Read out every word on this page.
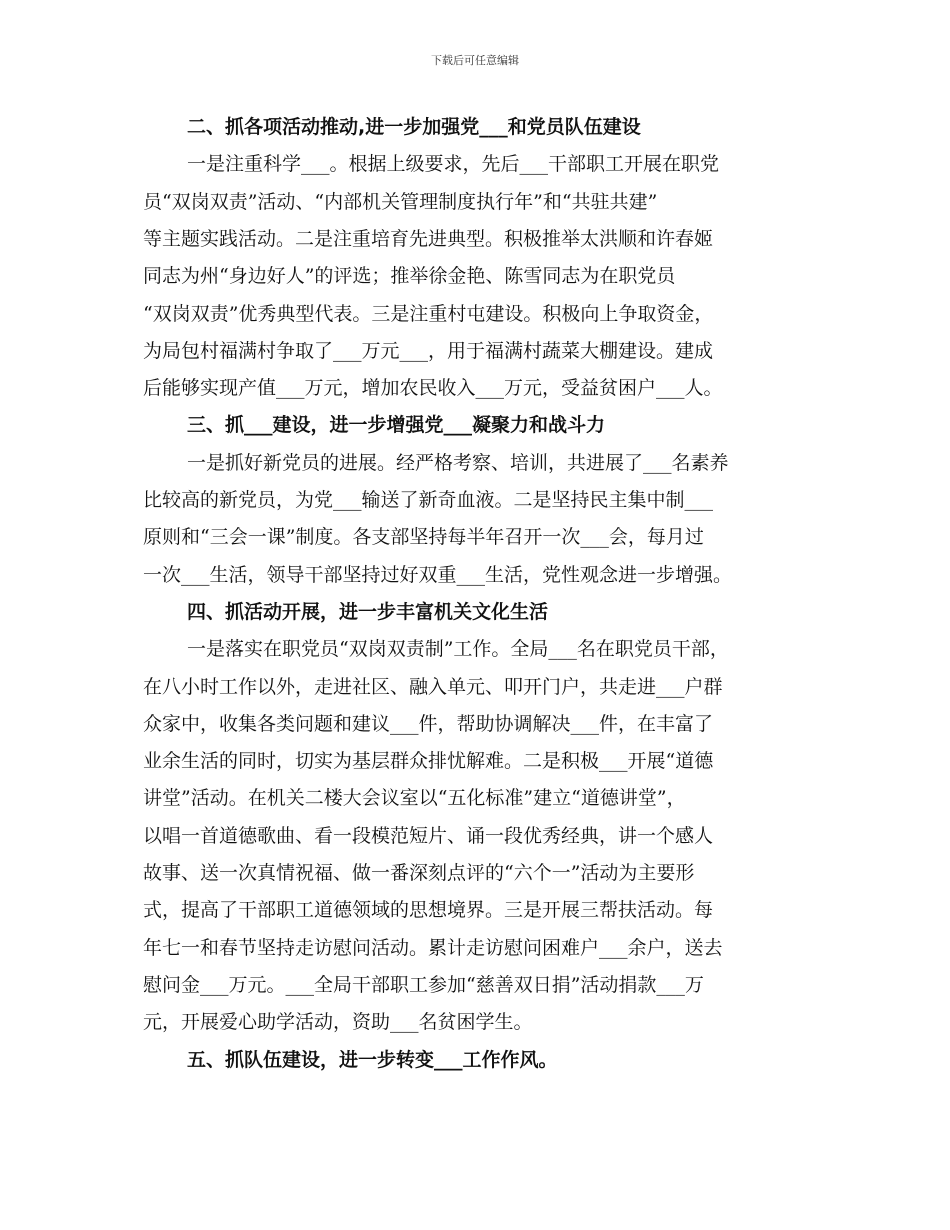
下载后可任意编辑
二、抓各项活动推动,进一步加强党___和党员队伍建设
一是注重科学___。根据上级要求，先后___干部职工开展在职党
员“双岗双责”活动、“内部机关管理制度执行年”和“共驻共建”
等主题实践活动。二是注重培育先进典型。积极推举太洪顺和许春姬
同志为州“身边好人”的评选；推举徐金艳、陈雪同志为在职党员
“双岗双责”优秀典型代表。三是注重村屯建设。积极向上争取资金，
为局包村福满村争取了___万元___，用于福满村蔬菜大棚建设。建成
后能够实现产值___万元，增加农民收入___万元，受益贫困户___人。
三、抓___建设，进一步增强党___凝聚力和战斗力
一是抓好新党员的进展。经严格考察、培训，共进展了___名素养
比较高的新党员，为党___输送了新奇血液。二是坚持民主集中制___
原则和“三会一课”制度。各支部坚持每半年召开一次___会，每月过
一次___生活，领导干部坚持过好双重___生活，党性观念进一步增强。
四、抓活动开展，进一步丰富机关文化生活
一是落实在职党员“双岗双责制”工作。全局___名在职党员干部，
在八小时工作以外，走进社区、融入单元、叩开门户，共走进___户群
众家中，收集各类问题和建议___件，帮助协调解决___件，在丰富了
业余生活的同时，切实为基层群众排忧解难。二是积极___开展“道德
讲堂”活动。在机关二楼大会议室以“五化标准”建立“道德讲堂”，
以唱一首道德歌曲、看一段模范短片、诵一段优秀经典，讲一个感人
故事、送一次真情祝福、做一番深刻点评的“六个一”活动为主要形
式，提高了干部职工道德领域的思想境界。三是开展三帮扶活动。每
年七一和春节坚持走访慰问活动。累计走访慰问困难户___余户，送去
慰问金___万元。___全局干部职工参加“慈善双日捐”活动捐款___万
元，开展爱心助学活动，资助___名贫困学生。
五、抓队伍建设，进一步转变___工作作风。
